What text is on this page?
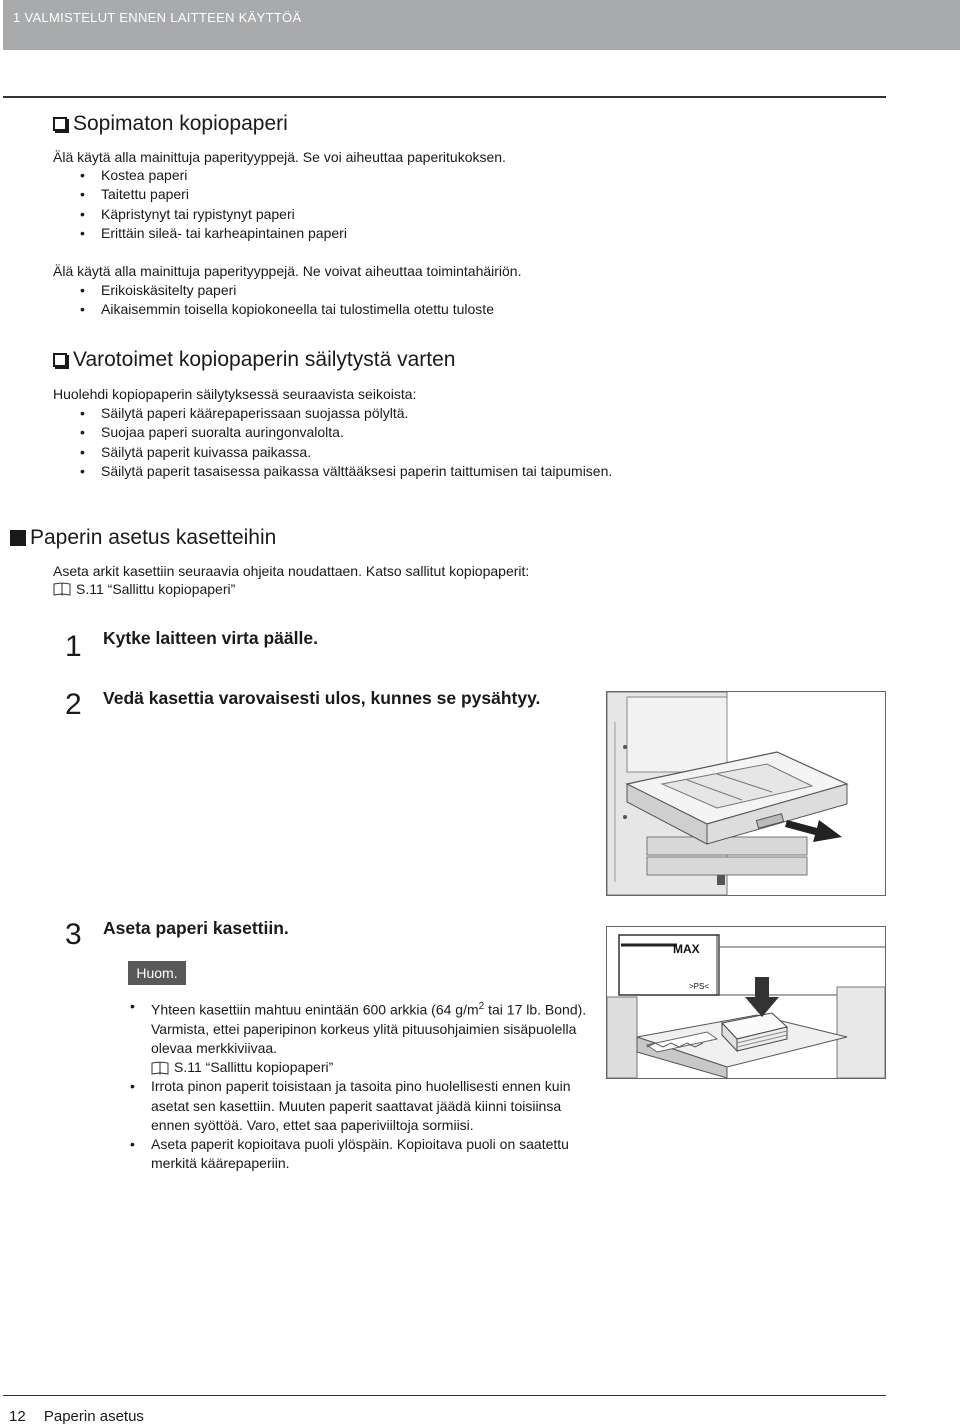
1 VALMISTELUT ENNEN LAITTEEN KÄYTTÖÄ
Sopimaton kopiopaperi
Älä käytä alla mainittuja paperityyppejä. Se voi aiheuttaa paperitukoksen.
• Kostea paperi
• Taitettu paperi
• Käpristynyt tai rypistynyt paperi
• Erittäin sileä- tai karheapintainen paperi
Älä käytä alla mainittuja paperityyppejä. Ne voivat aiheuttaa toimintahäiriön.
• Erikoiskäsitelty paperi
• Aikaisemmin toisella kopiokoneella tai tulostimella otettu tuloste
Varotoimet kopiopaperin säilytystä varten
Huolehdi kopiopaperin säilytyksessä seuraavista seikoista:
• Säilytä paperi käärepaperissaan suojassa pölyltä.
• Suojaa paperi suoralta auringonvalolta.
• Säilytä paperit kuivassa paikassa.
• Säilytä paperit tasaisessa paikassa välttääksesi paperin taittumisen tai taipumisen.
Paperin asetus kasetteihin
Aseta arkit kasettiin seuraavia ohjeita noudattaen. Katso sallitut kopiopaperit:
S.11 “Sallittu kopiopaperi”
1 Kytke laitteen virta päälle.
2 Vedä kasettia varovaisesti ulos, kunnes se pysähtyy.
3 Aseta paperi kasettiin.
MAX
>PS<
Huom.
• Yhteen kasettiin mahtuu enintään 600 arkkia (64 $g/m^2$ tai 17 lb. Bond). Varmista, ettei paperipinon korkeus ylitä pituusohjaimien sisäpuolella olevaa merkkiviivaa.
S.11 “Sallittu kopiopaperi”
• Irrota pinon paperit toisistaan ja tasoita pino huolellisesti ennen kuin asetat sen kasettiin. Muuten paperit saattavat jäädä kiinni toisiinsa ennen syöttöä. Varo, ettet saa paperiviiltoja sormiisi.
• Aseta paperit kopioitava puoli ylöspäin. Kopioitava puoli on saatettu merkitä käärepaperiin.
12 Paperin asetus
